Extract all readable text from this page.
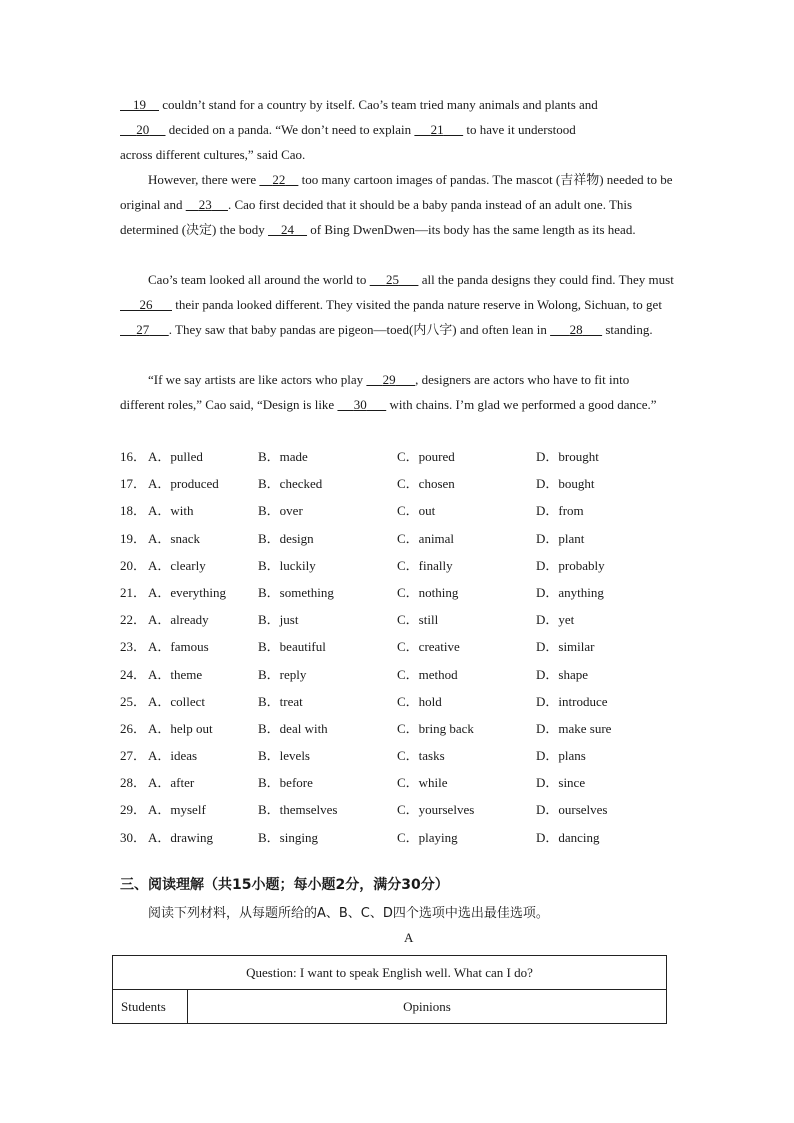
19     couldn’t stand for a country by itself. Cao’s team tried many animals and plants and
20      decided on a panda. “We don’t need to explain      21       to have it understood
across different cultures,” said Cao.
However, there were     22     too many cartoon images of pandas. The mascot (吉祥物) needed to be original and     23 . Cao first decided that it should be a baby panda instead of an adult one. This determined (决定) the body     24     of Bing DwenDwen—its body has the same length as its head.
Cao’s team looked all around the world to      25       all the panda designs they could find. They must       26       their panda looked different. They visited the panda nature reserve in Wolong, Sichuan, to get      27 . They saw that baby pandas are pigeon—toed(内八字) and often lean in       28       standing.
“If we say artists are like actors who play      29 , designers are actors who have to fit into different roles,” Cao said, “Design is like      30       with chains. I’m glad we performed a good dance.”
16． A．pulled	B．made	C．poured	D．brought
17． A．produced	B．checked	C．chosen	D．bought
18． A．with	B．over	C．out	D．from
19． A．snack	B．design	C．animal	D．plant
20． A．clearly	B．luckily	C．finally	D．probably
21． A．everything B．something	C．nothing	D．anything
22． A．already	B．just	C．still	D．yet
23． A．famous	B．beautiful	C．creative	D．similar
24． A．theme	B．reply	C．method	D．shape
25． A．collect	B．treat	C．hold	D．introduce
26． A．help out	B．deal with	C．bring back	D．make sure
27． A．ideas	B．levels	C．tasks	D．plans
28． A．after	B．before	C．while	D．since
29． A．myself	B．themselves	C．yourselves	D．ourselves
30． A．drawing	B．singing	C．playing	D．dancing
三、阅读理解（共15小题；每小题2分，满分30分）
阅读下列材料，从每题所给的A、B、C、D四个选项中选出最佳选项。
A
Question: I want to speak English well. What can I do?
Students	Opinions
